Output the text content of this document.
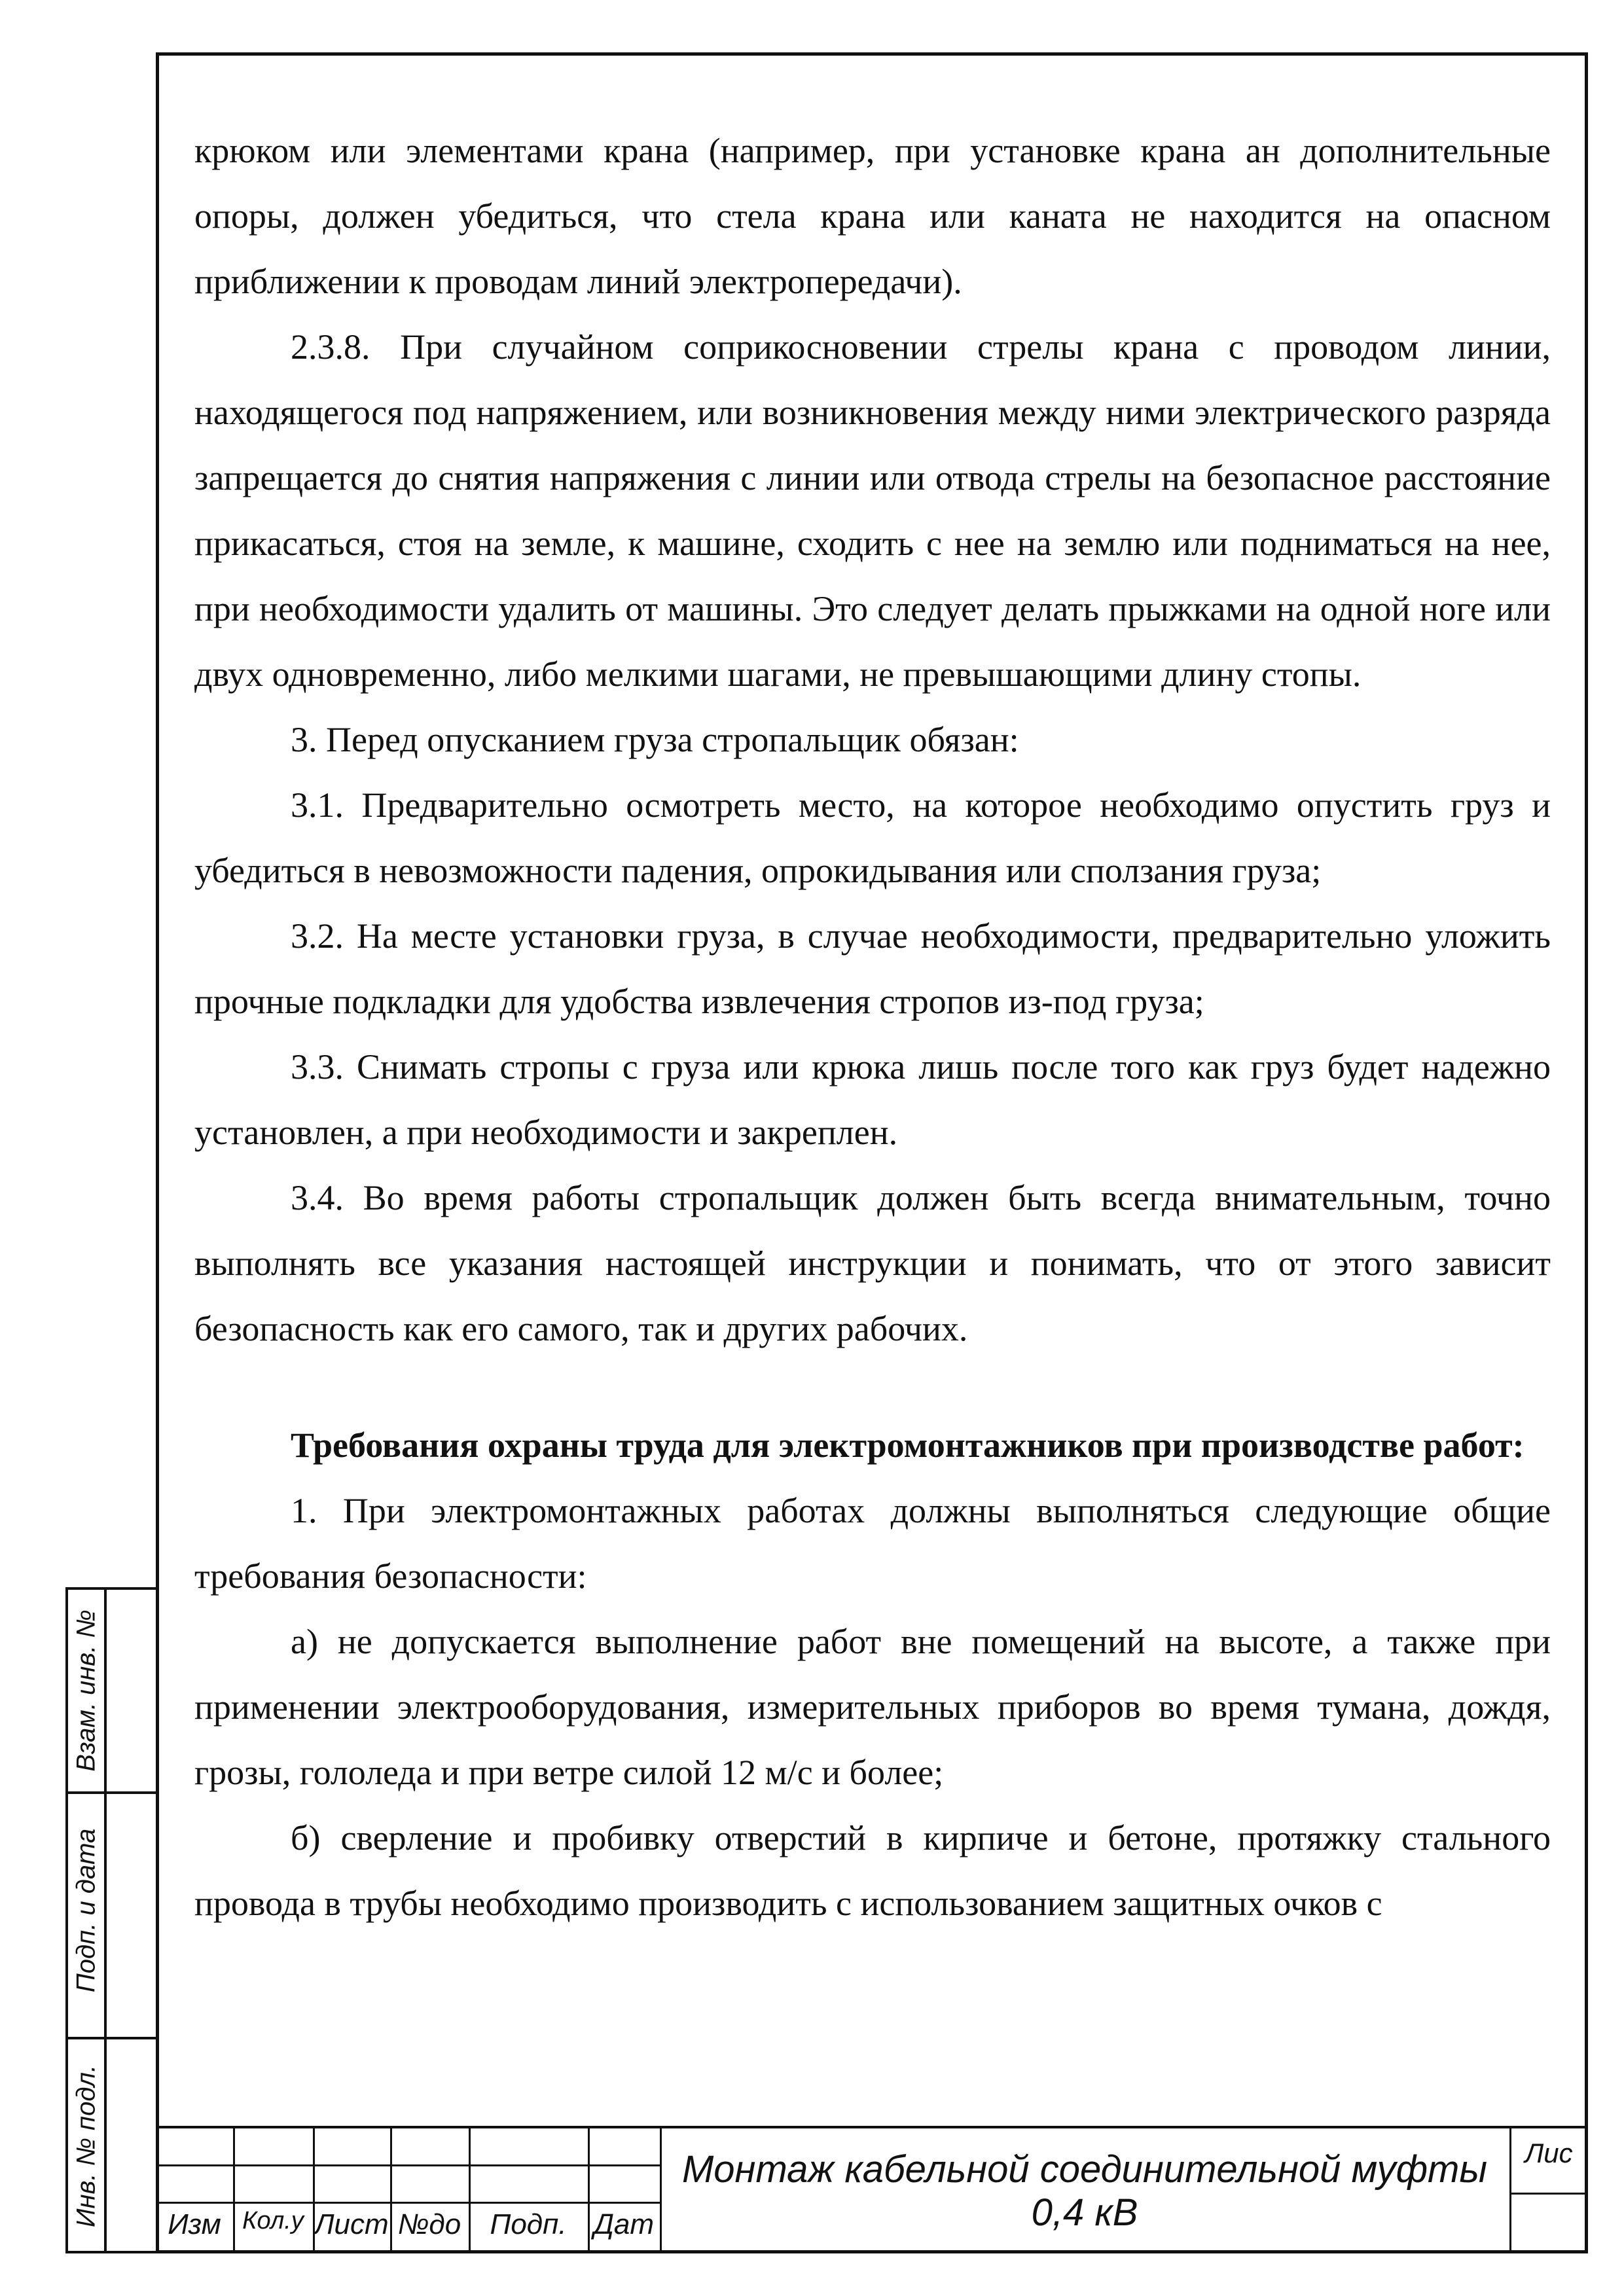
крюком или элементами крана (например, при установке крана ан дополнительные опоры, должен убедиться, что стела крана или каната не находится на опасном приближении к проводам линий электропередачи).

2.3.8. При случайном соприкосновении стрелы крана с проводом линии, находящегося под напряжением, или возникновения между ними электрического разряда запрещается до снятия напряжения с линии или отвода стрелы на безопасное расстояние прикасаться, стоя на земле, к машине, сходить с нее на землю или подниматься на нее, при необходимости удалить от машины. Это следует делать прыжками на одной ноге или двух одновременно, либо мелкими шагами, не превышающими длину стопы.

3. Перед опусканием груза стропальщик обязан:

3.1. Предварительно осмотреть место, на которое необходимо опустить груз и убедиться в невозможности падения, опрокидывания или сползания груза;

3.2. На месте установки груза, в случае необходимости, предварительно уложить прочные подкладки для удобства извлечения стропов из-под груза;

3.3. Снимать стропы с груза или крюка лишь после того как груз будет надежно установлен, а при необходимости и закреплен.

3.4. Во время работы стропальщик должен быть всегда внимательным, точно выполнять все указания настоящей инструкции и понимать, что от этого зависит безопасность как его самого, так и других рабочих.

Требования охраны труда для электромонтажников при производстве работ:

1. При электромонтажных работах должны выполняться следующие общие требования безопасности:

а) не допускается выполнение работ вне помещений на высоте, а также при применении электрооборудования, измерительных приборов во время тумана, дождя, грозы, гололеда и при ветре силой 12 м/с и более;

б) сверление и пробивку отверстий в кирпиче и бетоне, протяжку стального провода в трубы необходимо производить с использованием защитных очков с

Взам. инв. №
Подп. и дата
Инв. № подл.	Изм Кол.у Лист №до	Подп. Дат
Монтаж кабельной соединительной муфты
0,4 кВ
Лис
